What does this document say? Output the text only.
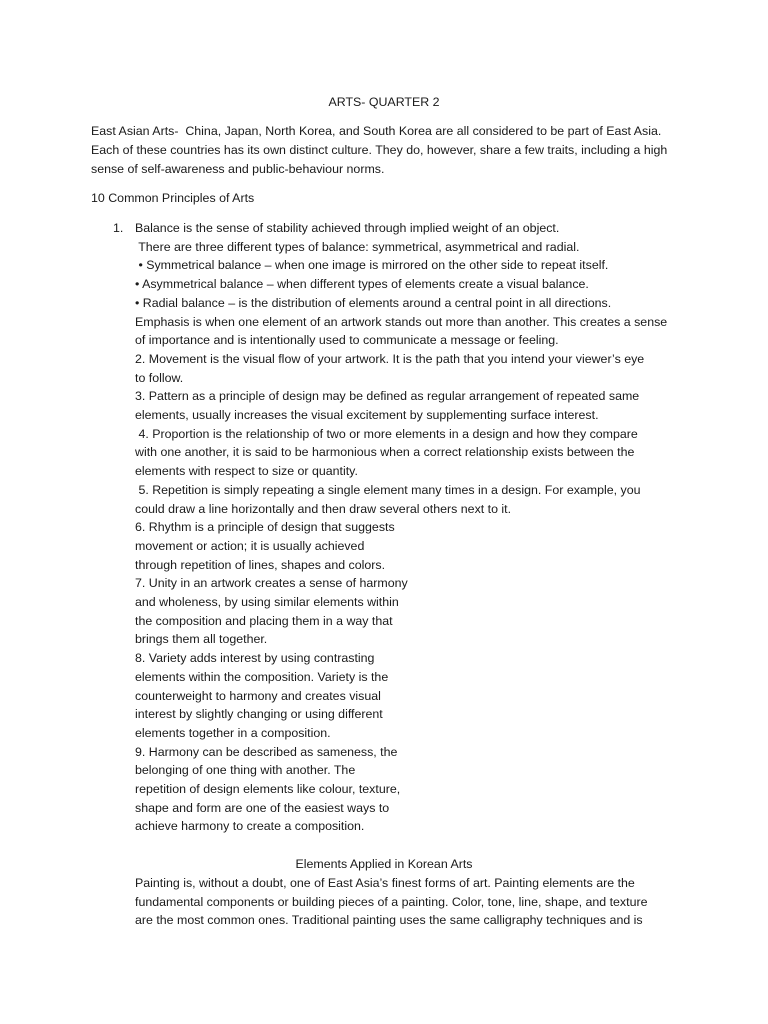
ARTS- QUARTER 2
East Asian Arts-  China, Japan, North Korea, and South Korea are all considered to be part of East Asia.
Each of these countries has its own distinct culture. They do, however, share a few traits, including a high
sense of self-awareness and public-behaviour norms.
10 Common Principles of Arts
1. Balance is the sense of stability achieved through implied weight of an object.
There are three different types of balance: symmetrical, asymmetrical and radial.
• Symmetrical balance – when one image is mirrored on the other side to repeat itself.
• Asymmetrical balance – when different types of elements create a visual balance.
• Radial balance – is the distribution of elements around a central point in all directions.
Emphasis is when one element of an artwork stands out more than another. This creates a sense
of importance and is intentionally used to communicate a message or feeling.
2. Movement is the visual flow of your artwork. It is the path that you intend your viewer’s eye
to follow.
3. Pattern as a principle of design may be defined as regular arrangement of repeated same
elements, usually increases the visual excitement by supplementing surface interest.
4. Proportion is the relationship of two or more elements in a design and how they compare
with one another, it is said to be harmonious when a correct relationship exists between the
elements with respect to size or quantity.
5. Repetition is simply repeating a single element many times in a design. For example, you
could draw a line horizontally and then draw several others next to it.
6. Rhythm is a principle of design that suggests
movement or action; it is usually achieved
through repetition of lines, shapes and colors.
7. Unity in an artwork creates a sense of harmony
and wholeness, by using similar elements within
the composition and placing them in a way that
brings them all together.
8. Variety adds interest by using contrasting
elements within the composition. Variety is the
counterweight to harmony and creates visual
interest by slightly changing or using different
elements together in a composition.
9. Harmony can be described as sameness, the
belonging of one thing with another. The
repetition of design elements like colour, texture,
shape and form are one of the easiest ways to
achieve harmony to create a composition.
Elements Applied in Korean Arts
Painting is, without a doubt, one of East Asia’s finest forms of art. Painting elements are the
fundamental components or building pieces of a painting. Color, tone, line, shape, and texture
are the most common ones. Traditional painting uses the same calligraphy techniques and is
